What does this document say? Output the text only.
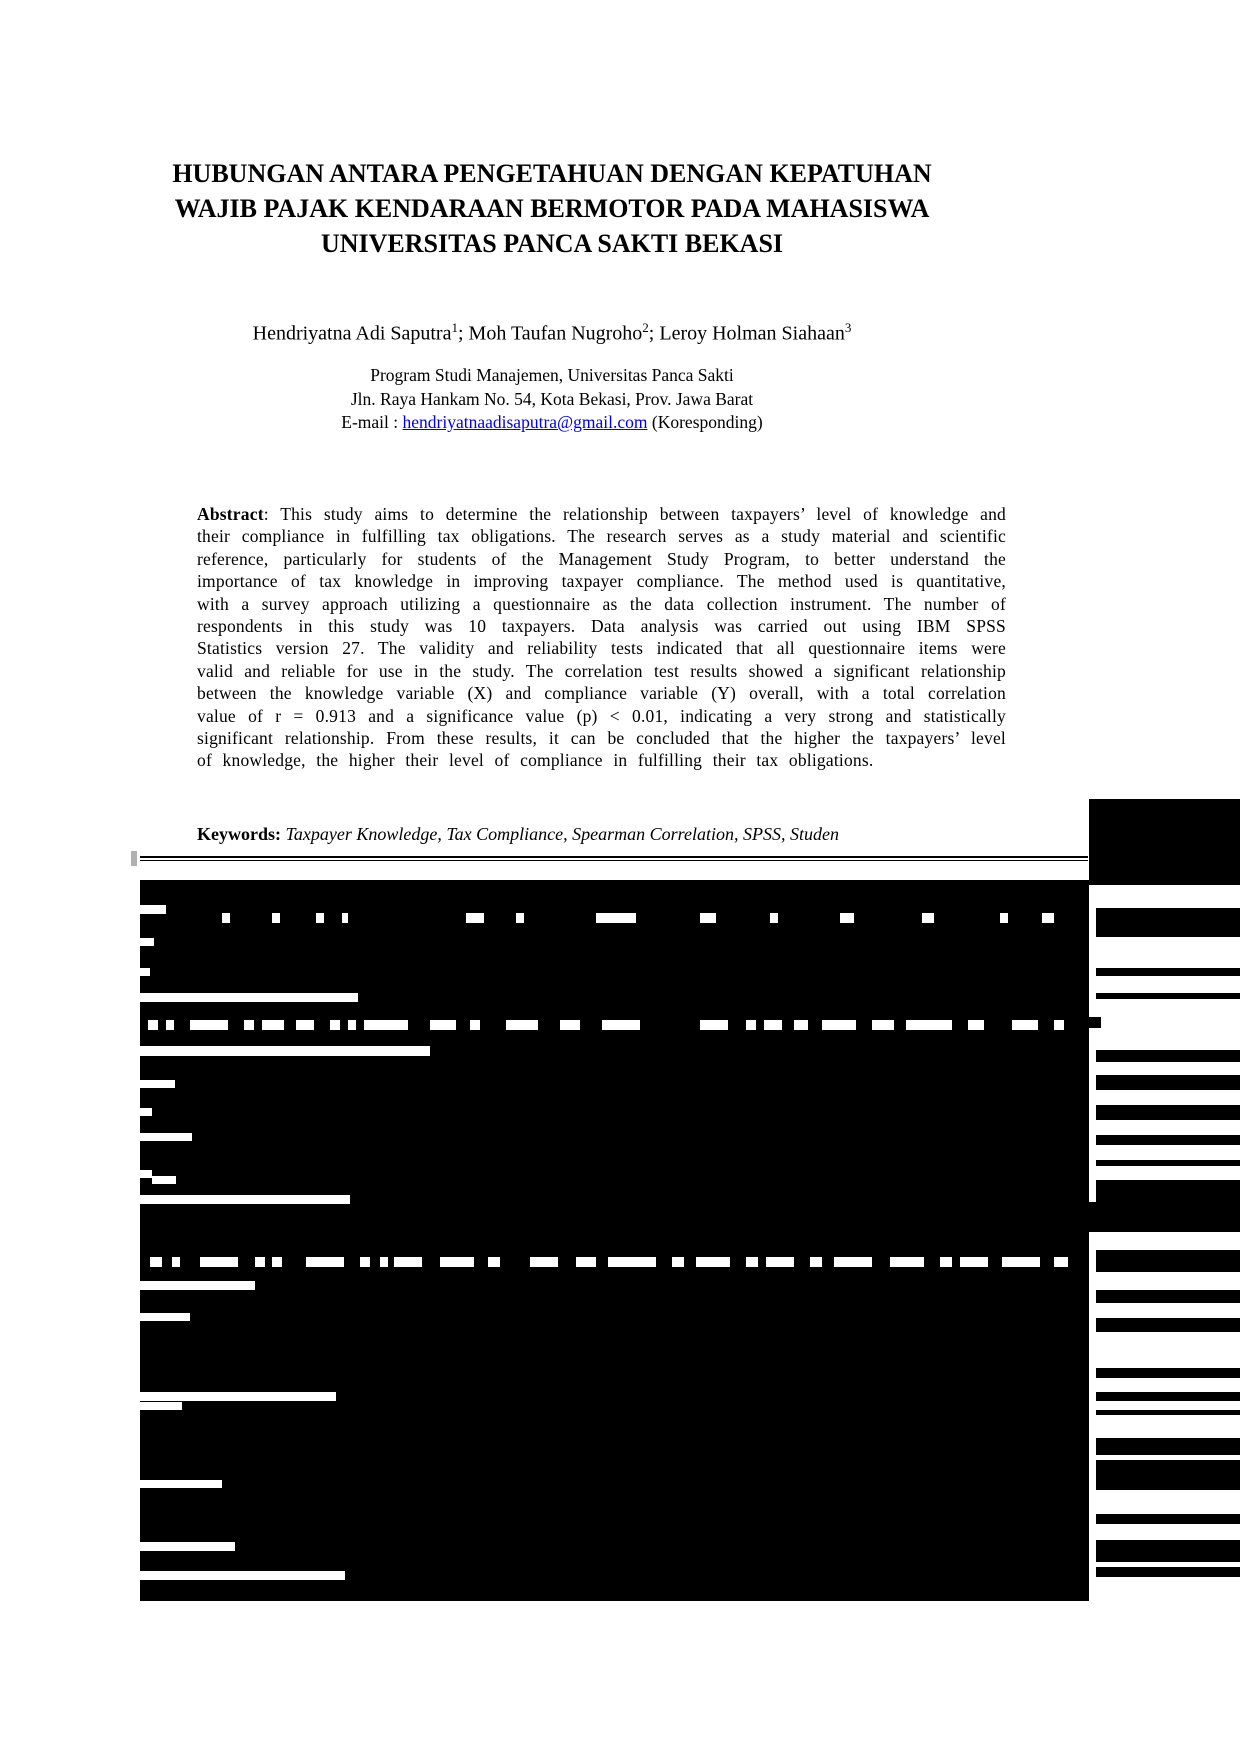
HUBUNGAN ANTARA PENGETAHUAN DENGAN KEPATUHAN
WAJIB PAJAK KENDARAAN BERMOTOR PADA MAHASISWA
UNIVERSITAS PANCA SAKTI BEKASI
Hendriyatna Adi Saputra$^1$; Moh Taufan Nugroho$^2$; Leroy Holman Siahaan$^3$
Program Studi Manajemen, Universitas Panca Sakti
Jln. Raya Hankam No. 54, Kota Bekasi, Prov. Jawa Barat
E-mail : hendriyatnaadisaputra@gmail.com (Koresponding)
Abstract: This study aims to determine the relationship between taxpayers’ level of knowledge and their compliance in fulfilling tax obligations. The research serves as a study material and scientific reference, particularly for students of the Management Study Program, to better understand the importance of tax knowledge in improving taxpayer compliance. The method used is quantitative, with a survey approach utilizing a questionnaire as the data collection instrument. The number of respondents in this study was 10 taxpayers. Data analysis was carried out using IBM SPSS Statistics version 27. The validity and reliability tests indicated that all questionnaire items were valid and reliable for use in the study. The correlation test results showed a significant relationship between the knowledge variable (X) and compliance variable (Y) overall, with a total correlation value of r = 0.913 and a significance value (p) < 0.01, indicating a very strong and statistically significant relationship. From these results, it can be concluded that the higher the taxpayers’ level of knowledge, the higher their level of compliance in fulfilling their tax obligations.
Keywords: Taxpayer Knowledge, Tax Compliance, Spearman Correlation, SPSS, Studen
